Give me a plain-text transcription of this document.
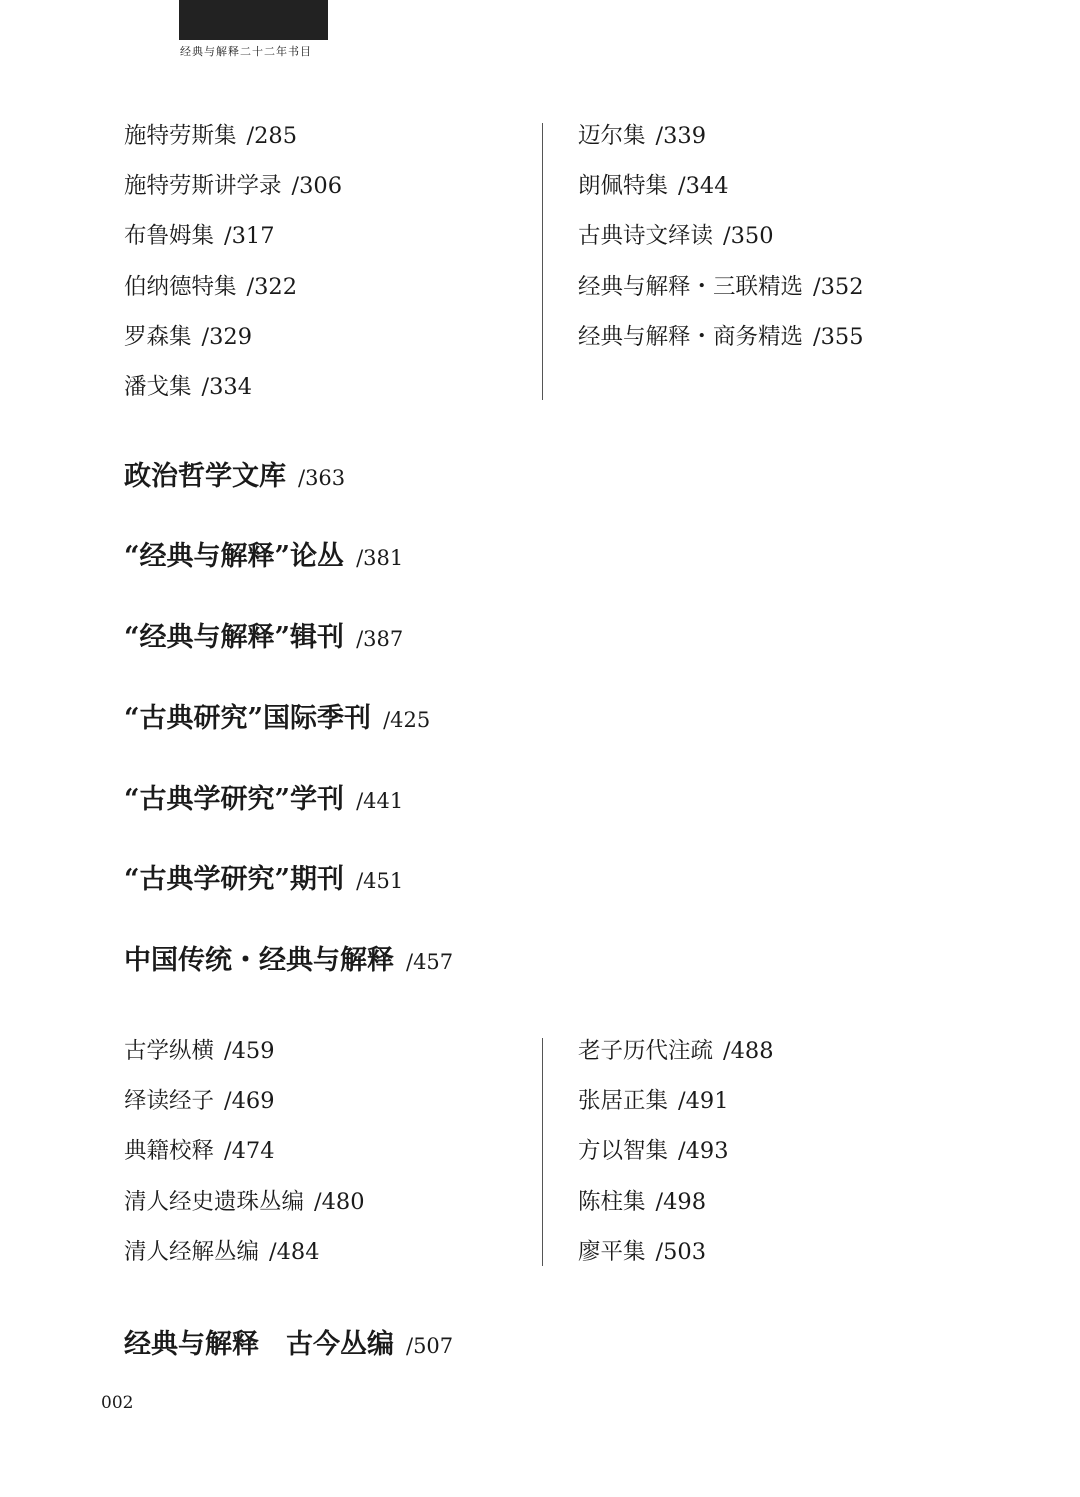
经典与解释二十二年书目
施特劳斯集 /285
施特劳斯讲学录 /306
布鲁姆集 /317
伯纳德特集 /322
罗森集 /329
潘戈集 /334
迈尔集 /339
朗佩特集 /344
古典诗文绎读 /350
经典与解释・三联精选 /352
经典与解释・商务精选 /355
政治哲学文库 /363
“经典与解释”论丛 /381
“经典与解释”辑刊 /387
“古典研究”国际季刊 /425
“古典学研究”学刊 /441
“古典学研究”期刊 /451
中国传统・经典与解释 /457
古学纵横 /459
绎读经子 /469
典籍校释 /474
清人经史遗珠丛编 /480
清人经解丛编 /484
老子历代注疏 /488
张居正集 /491
方以智集 /493
陈柱集 /498
廖平集 /503
经典与解释　古今丛编 /507
002
